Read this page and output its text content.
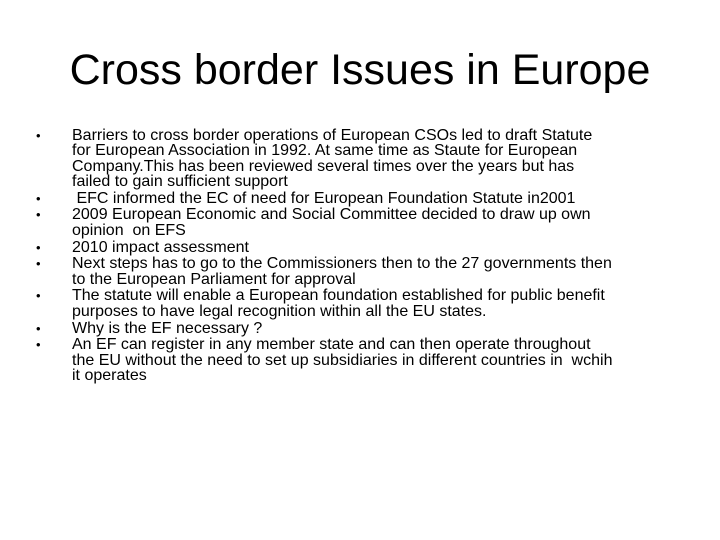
Cross border Issues in Europe
•	Barriers to cross border operations of European CSOs led to draft Statute
for European Association in 1992. At same time as Staute for European
Company.This has been reviewed several times over the years but has
failed to gain sufficient support
•	EFC informed the EC of need for European Foundation Statute in2001
•	2009 European Economic and Social Committee decided to draw up own
opinion  on EFS
•	2010 impact assessment
•	Next steps has to go to the Commissioners then to the 27 governments then
to the European Parliament for approval
•	The statute will enable a European foundation established for public benefit
purposes to have legal recognition within all the EU states.
•	Why is the EF necessary ?
•	An EF can register in any member state and can then operate throughout
the EU without the need to set up subsidiaries in different countries in  wchih
it operates
